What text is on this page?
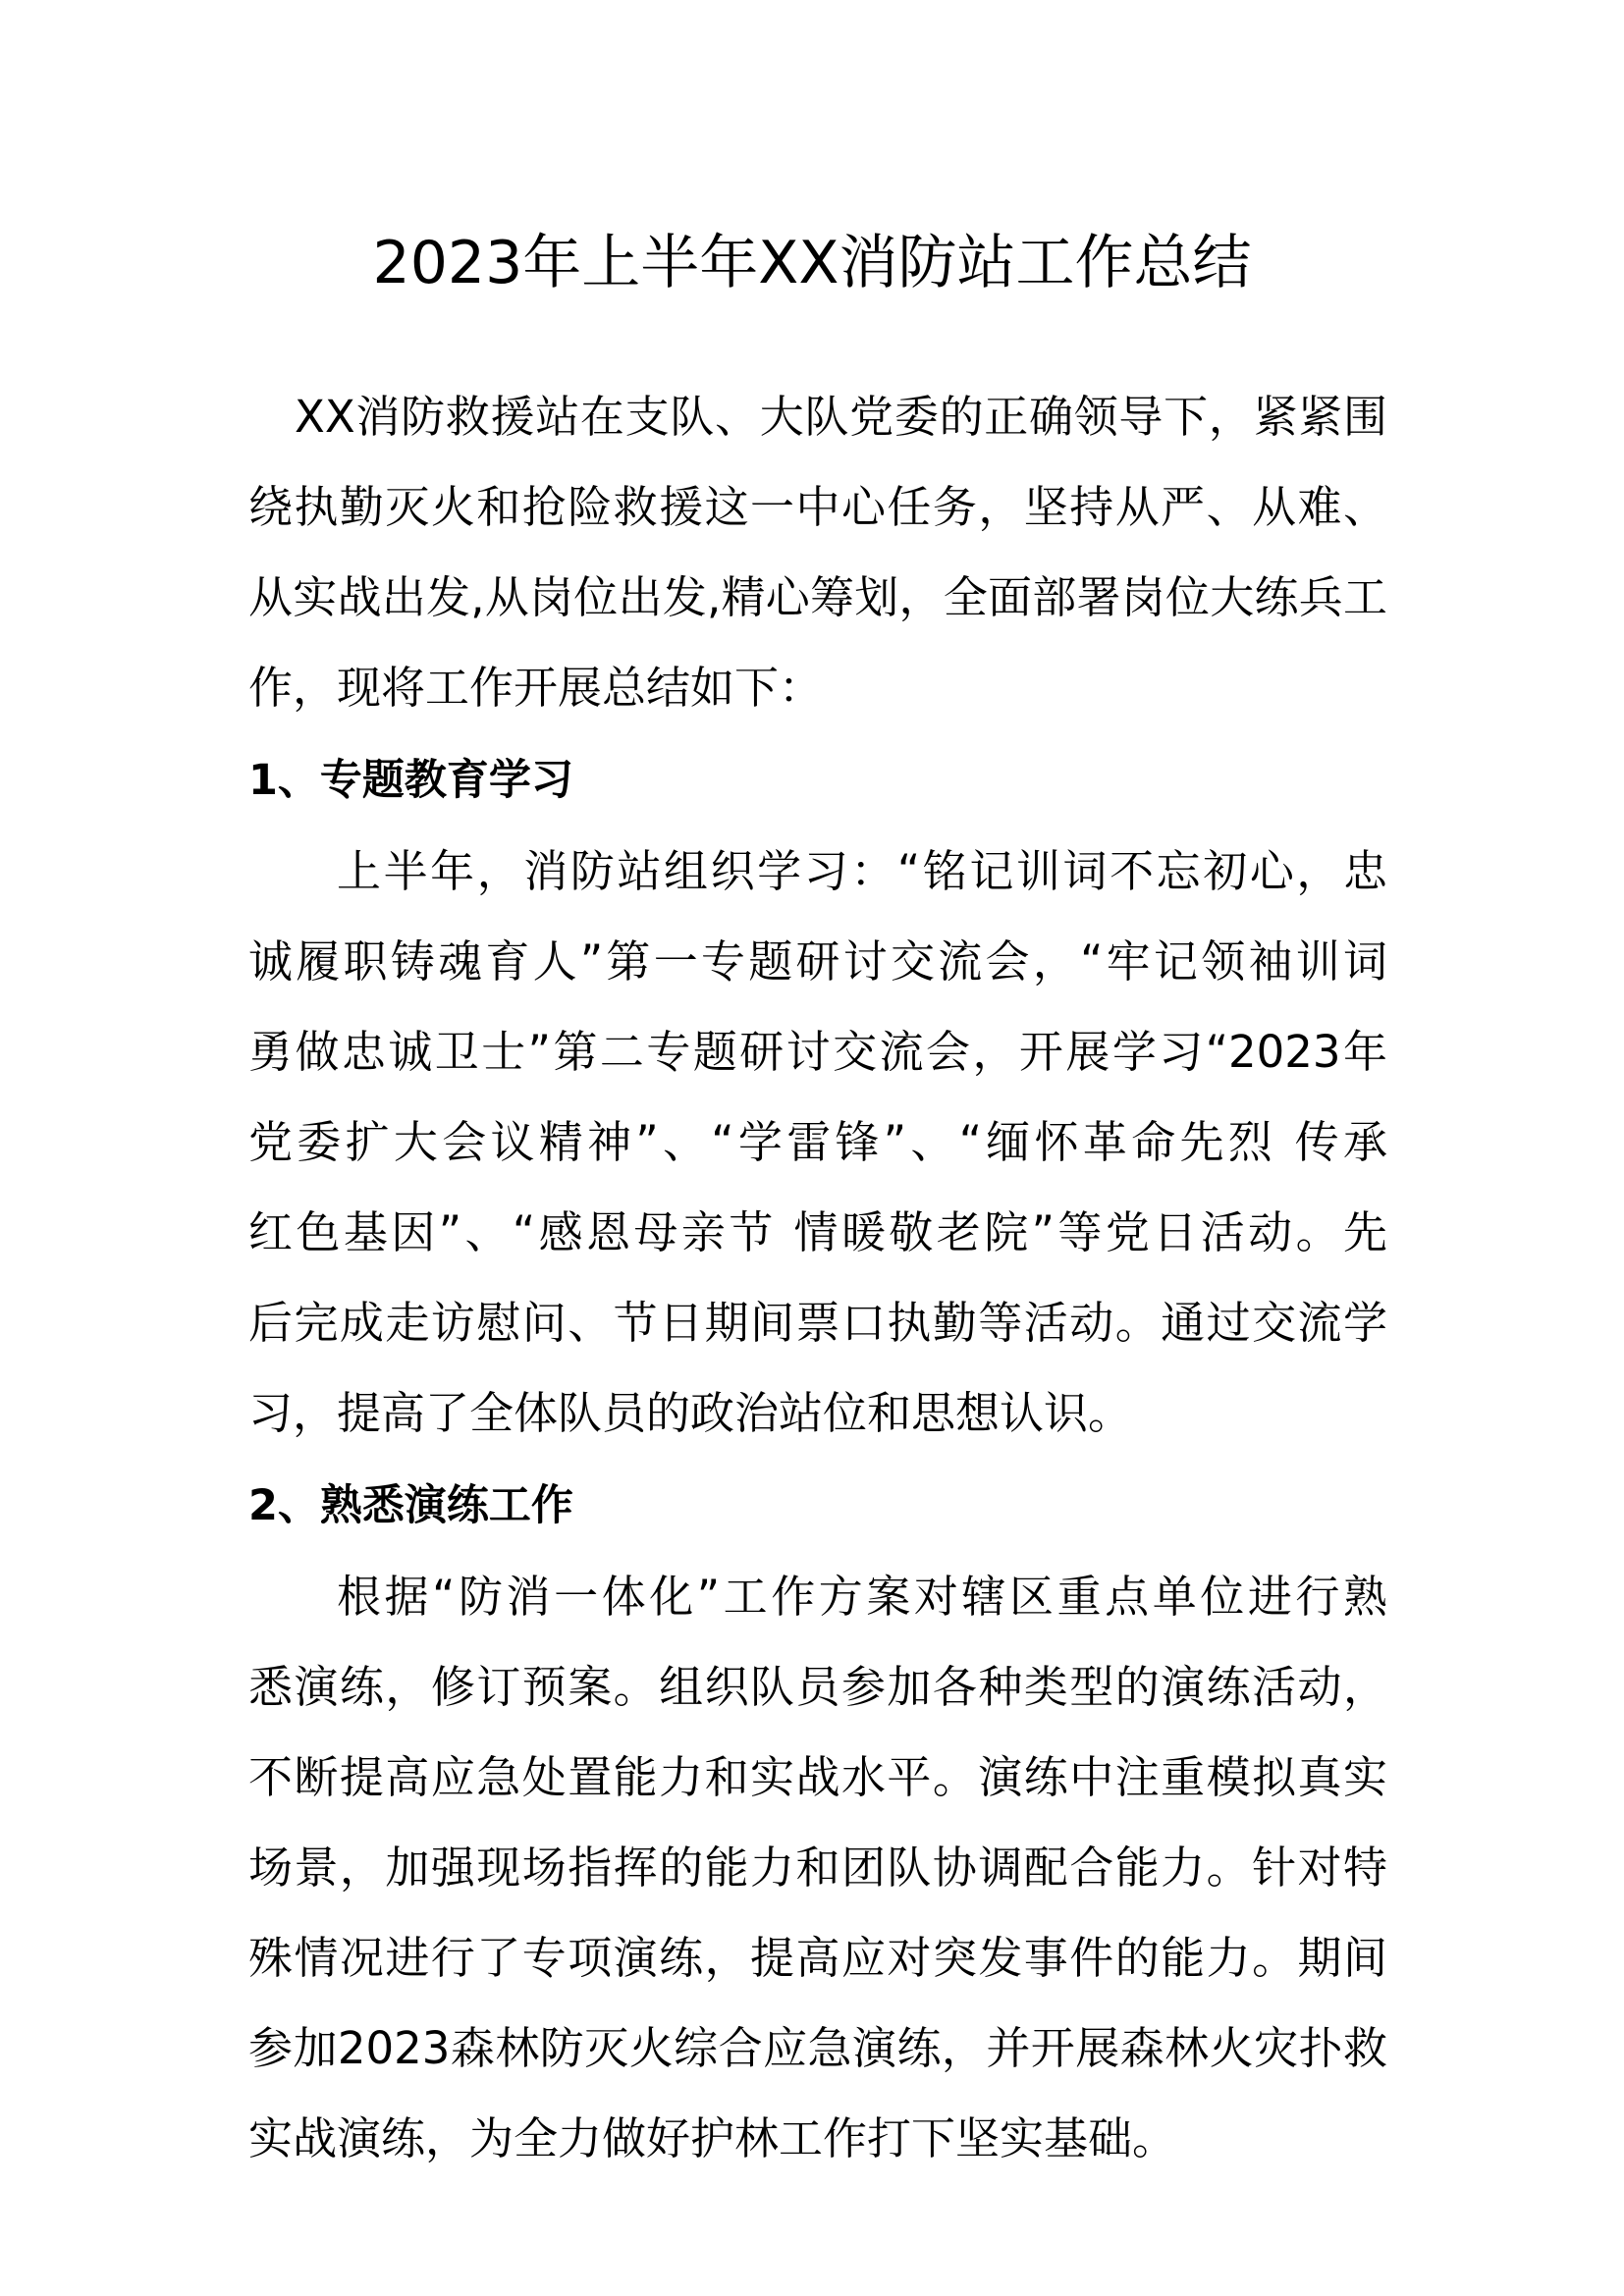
2023年上半年XX消防站工作总结
XX消防救援站在支队、大队党委的正确领导下，紧紧围
绕执勤灭火和抢险救援这一中心任务，坚持从严、从难、
从实战出发,从岗位出发,精心筹划，全面部署岗位大练兵工
作，现将工作开展总结如下：
1、专题教育学习
上半年，消防站组织学习：“铭记训词不忘初心，忠
诚履职铸魂育人”第一专题研讨交流会，“牢记领袖训词
勇做忠诚卫士”第二专题研讨交流会，开展学习“2023年
党委扩大会议精神”、“学雷锋”、“缅怀革命先烈 传承
红色基因”、“感恩母亲节 情暖敬老院”等党日活动。先
后完成走访慰问、节日期间票口执勤等活动。通过交流学
习，提高了全体队员的政治站位和思想认识。
2、熟悉演练工作
根据“防消一体化”工作方案对辖区重点单位进行熟
悉演练，修订预案。组织队员参加各种类型的演练活动，
不断提高应急处置能力和实战水平。演练中注重模拟真实
场景，加强现场指挥的能力和团队协调配合能力。针对特
殊情况进行了专项演练，提高应对突发事件的能力。期间
参加2023森林防灭火综合应急演练，并开展森林火灾扑救
实战演练，为全力做好护林工作打下坚实基础。
